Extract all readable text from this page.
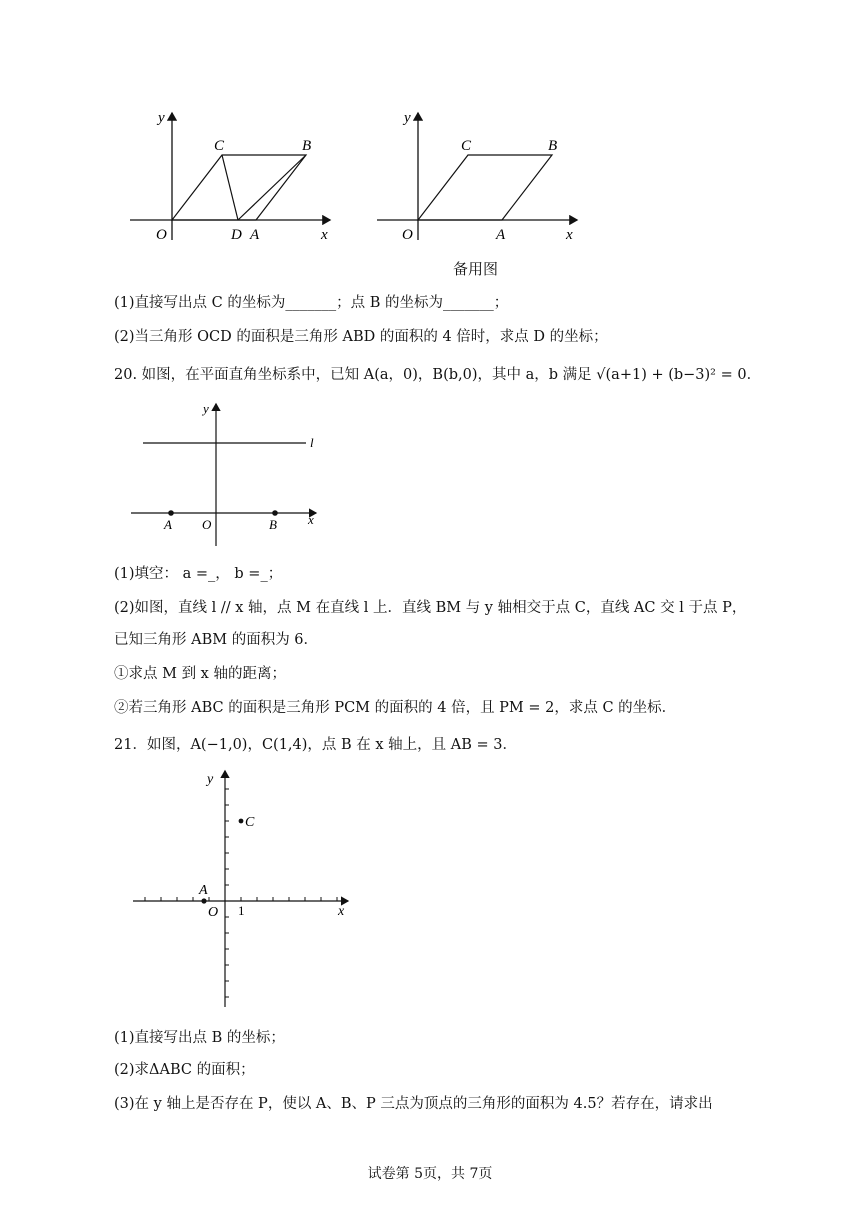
y
x
O
C	B
D A
y
x
O
C	B
A
备用图
(1)直接写出点 C 的坐标为_______；点 B 的坐标为_______；
(2)当三角形 OCD 的面积是三角形 ABD 的面积的 4 倍时，求点 D 的坐标；
20. 如图，在平面直角坐标系中，已知 A(a，0)，B(b,0)，其中 a，b 满足 √(a+1) + (b−3)² = 0．
y
l
A O	B x
(1)填空： a =_， b =_；
(2)如图，直线 l // x 轴，点 M 在直线 l 上．直线 BM 与 y 轴相交于点 C，直线 AC 交 l 于点 P，
已知三角形 ABM 的面积为 6．
①求点 M 到 x 轴的距离；
②若三角形 ABC 的面积是三角形 PCM 的面积的 4 倍，且 PM = 2，求点 C 的坐标．
21．如图，A(−1,0)，C(1,4)，点 B 在 x 轴上，且 AB = 3．
y
C
A
O 1	x
(1)直接写出点 B 的坐标；
(2)求ΔABC 的面积；
(3)在 y 轴上是否存在 P，使以 A、B、P 三点为顶点的三角形的面积为 4.5？若存在，请求出
试卷第 5页，共 7页
